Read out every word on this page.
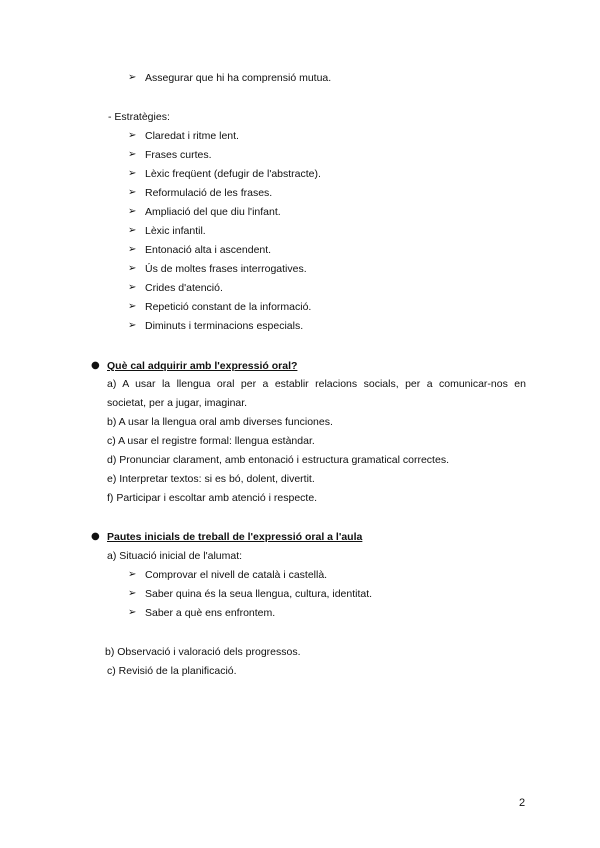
➢ Assegurar que hi ha comprensió mutua.
- Estratègies:
➢ Claredat i ritme lent.
➢ Frases curtes.
➢ Lèxic freqüent (defugir de l'abstracte).
➢ Reformulació de les frases.
➢ Ampliació del que diu l'infant.
➢ Lèxic infantil.
➢ Entonació alta i ascendent.
➢ Ús de moltes frases interrogatives.
➢ Crides d'atenció.
➢ Repetició constant de la informació.
➢ Diminuts i terminacions especials.
● Què cal adquirir amb l'expressió oral?
a) A usar la llengua oral per a establir relacions socials, per a comunicar-nos en
societat, per a jugar, imaginar.
b) A usar la llengua oral amb diverses funciones.
c) A usar el registre formal: llengua estàndar.
d) Pronunciar clarament, amb entonació i estructura gramatical correctes.
e) Interpretar textos: si es bó, dolent, divertit.
f) Participar i escoltar amb atenció i respecte.
● Pautes inicials de treball de l'expressió oral a l'aula
a) Situació inicial de l'alumat:
➢ Comprovar el nivell de català i castellà.
➢ Saber quina és la seua llengua, cultura, identitat.
➢ Saber a què ens enfrontem.
b) Observació i valoració dels progressos.
c) Revisió de la planificació.
2
